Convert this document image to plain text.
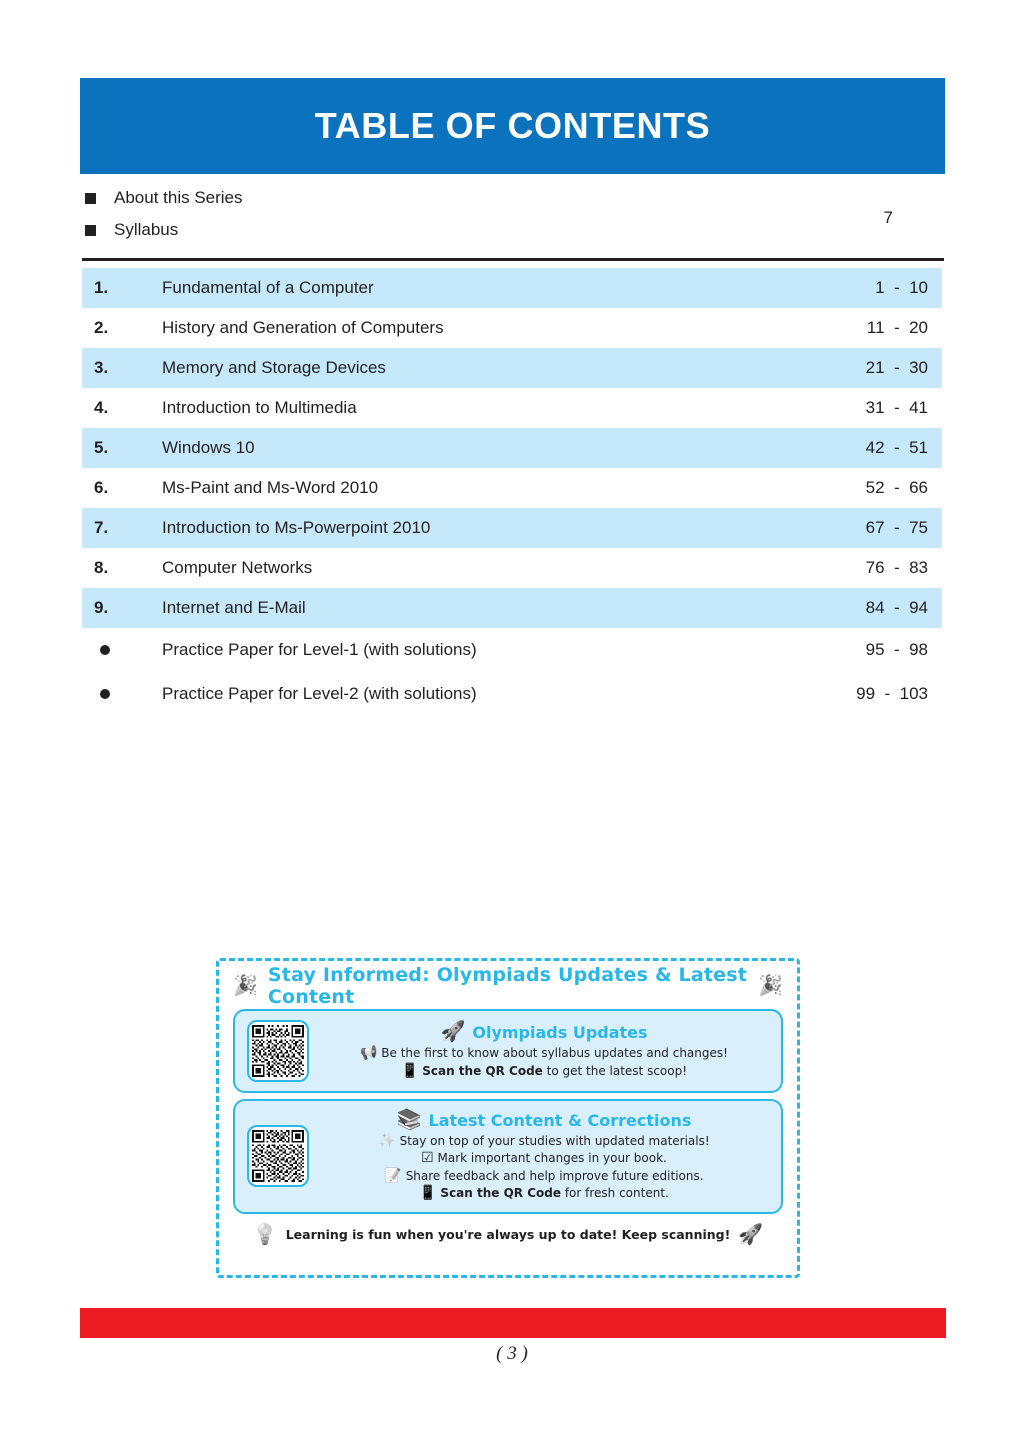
TABLE OF CONTENTS
About this Series
Syllabus
7
1.	Fundamental of a Computer	1  -  10
2.	History and Generation of Computers	11  -  20
3.	Memory and Storage Devices	21  -  30
4.	Introduction to Multimedia	31  -  41
5.	Windows 10	42  -  51
6.	Ms-Paint and Ms-Word 2010	52  -  66
7.	Introduction to Ms-Powerpoint 2010	67  -  75
8.	Computer Networks	76  -  83
9.	Internet and E-Mail	84  -  94
Practice Paper for Level-1 (with solutions)	95  -  98
Practice Paper for Level-2 (with solutions)	99  -  103
🎉 Stay Informed: Olympiads Updates & Latest Content	🎉
🚀 Olympiads Updates
📢 Be the first to know about syllabus updates and changes!
📱 Scan the QR Code to get the latest scoop!
📚 Latest Content & Corrections
✨ Stay on top of your studies with updated materials!
☑ Mark important changes in your book.
📝 Share feedback and help improve future editions.
📱 Scan the QR Code for fresh content.
💡 Learning is fun when you're always up to date! Keep scanning! 🚀
( 3 )
